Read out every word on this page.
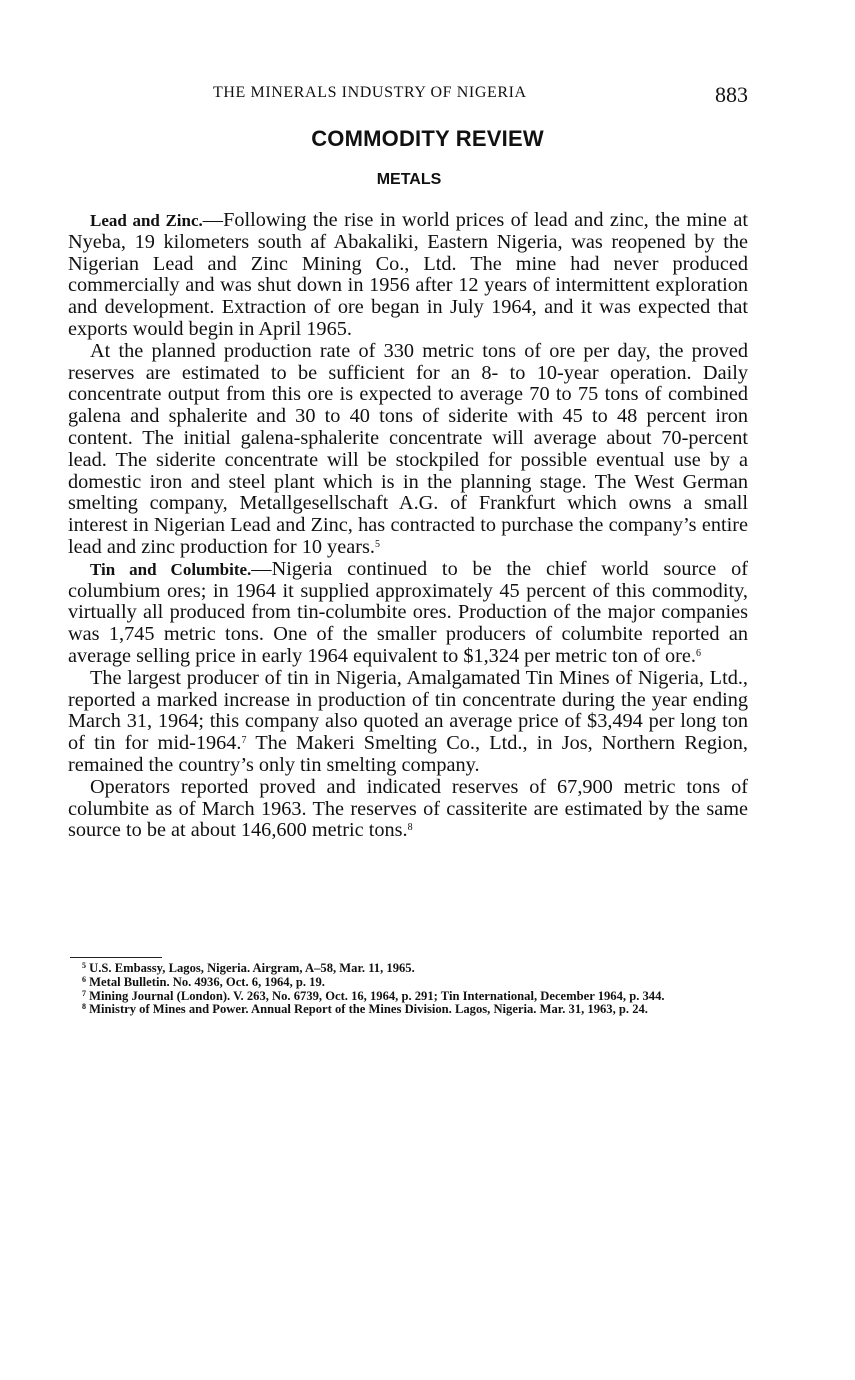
THE MINERALS INDUSTRY OF NIGERIA	883
COMMODITY REVIEW
METALS

Lead and Zinc.—Following the rise in world prices of lead and zinc, the mine at Nyeba, 19 kilometers south af Abakaliki, Eastern Nigeria, was reopened by the Nigerian Lead and Zinc Mining Co., Ltd. The mine had never produced commercially and was shut down in 1956 after 12 years of intermittent exploration and development. Extraction of ore began in July 1964, and it was expected that exports would begin in April 1965.

At the planned production rate of 330 metric tons of ore per day, the proved reserves are estimated to be sufficient for an 8- to 10-year operation. Daily concentrate output from this ore is expected to average 70 to 75 tons of combined galena and sphalerite and 30 to 40 tons of siderite with 45 to 48 percent iron content. The initial galena-sphalerite concentrate will average about 70-percent lead. The siderite concentrate will be stockpiled for possible eventual use by a domestic iron and steel plant which is in the planning stage. The West German smelting company, Metallgesellschaft A.G. of Frankfurt which owns a small interest in Nigerian Lead and Zinc, has contracted to purchase the company’s entire lead and zinc production for 10 years.$^5$

Tin and Columbite.—Nigeria continued to be the chief world source of columbium ores; in 1964 it supplied approximately 45 percent of this commodity, virtually all produced from tin-columbite ores. Production of the major companies was 1,745 metric tons. One of the smaller producers of columbite reported an average selling price in early 1964 equivalent to $1,324 per metric ton of ore.$^6$

The largest producer of tin in Nigeria, Amalgamated Tin Mines of Nigeria, Ltd., reported a marked increase in production of tin concentrate during the year ending March 31, 1964; this company also quoted an average price of $3,494 per long ton of tin for mid-1964.$^7$ The Makeri Smelting Co., Ltd., in Jos, Northern Region, remained the country’s only tin smelting company.

Operators reported proved and indicated reserves of 67,900 metric tons of columbite as of March 1963. The reserves of cassiterite are estimated by the same source to be at about 146,600 metric tons.$^8$

$^5$ U.S. Embassy, Lagos, Nigeria. Airgram, A–58, Mar. 11, 1965.

$^6$ Metal Bulletin. No. 4936, Oct. 6, 1964, p. 19.

$^7$ Mining Journal (London). V. 263, No. 6739, Oct. 16, 1964, p. 291; Tin International, December 1964, p. 344.

$^8$ Ministry of Mines and Power. Annual Report of the Mines Division. Lagos, Nigeria. Mar. 31, 1963, p. 24.
